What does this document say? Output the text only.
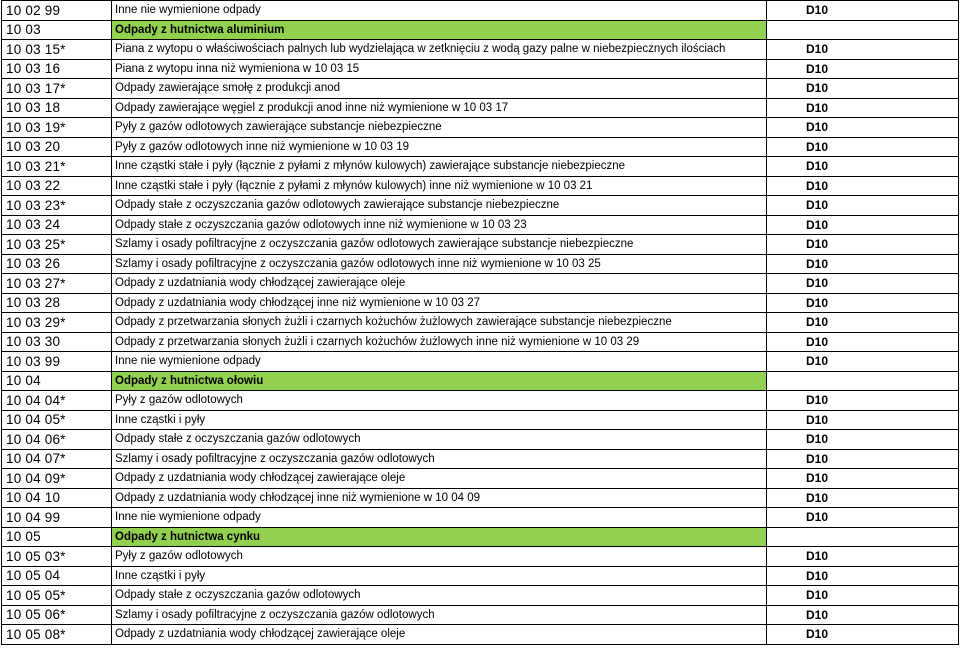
10 02 99	Inne nie wymienione odpady	D10
10 03	Odpady z hutnictwa aluminium	
10 03 15*	Piana z wytopu o właściwościach palnych lub wydzielająca w zetknięciu z wodą gazy palne w niebezpiecznych ilościach	D10
10 03 16	Piana z wytopu inna niż wymieniona w 10 03 15	D10
10 03 17*	Odpady zawierające smołę z produkcji anod	D10
10 03 18	Odpady zawierające węgiel z produkcji anod inne niż wymienione w 10 03 17	D10
10 03 19*	Pyły z gazów odlotowych zawierające substancje niebezpieczne	D10
10 03 20	Pyły z gazów odlotowych inne niż wymienione w 10 03 19	D10
10 03 21*	Inne cząstki stałe i pyły (łącznie z pyłami z młynów kulowych) zawierające substancje niebezpieczne	D10
10 03 22	Inne cząstki stałe i pyły (łącznie z pyłami z młynów kulowych) inne niż wymienione w 10 03 21	D10
10 03 23*	Odpady stałe z oczyszczania gazów odlotowych zawierające substancje niebezpieczne	D10
10 03 24	Odpady stałe z oczyszczania gazów odlotowych inne niż wymienione w 10 03 23	D10
10 03 25*	Szlamy i osady pofiltracyjne z oczyszczania gazów odlotowych zawierające substancje niebezpieczne	D10
10 03 26	Szlamy i osady pofiltracyjne z oczyszczania gazów odlotowych inne niż wymienione w 10 03 25	D10
10 03 27*	Odpady z uzdatniania wody chłodzącej zawierające oleje	D10
10 03 28	Odpady z uzdatniania wody chłodzącej inne niż wymienione w 10 03 27	D10
10 03 29*	Odpady z przetwarzania słonych żużli i czarnych kożuchów żużlowych zawierające substancje niebezpieczne	D10
10 03 30	Odpady z przetwarzania słonych żużli i czarnych kożuchów żużlowych inne niż wymienione w 10 03 29	D10
10 03 99	Inne nie wymienione odpady	D10
10 04	Odpady z hutnictwa ołowiu	
10 04 04*	Pyły z gazów odlotowych	D10
10 04 05*	Inne cząstki i pyły	D10
10 04 06*	Odpady stałe z oczyszczania gazów odlotowych	D10
10 04 07*	Szlamy i osady pofiltracyjne z oczyszczania gazów odlotowych	D10
10 04 09*	Odpady z uzdatniania wody chłodzącej zawierające oleje	D10
10 04 10	Odpady z uzdatniania wody chłodzącej inne niż wymienione w 10 04 09	D10
10 04 99	Inne nie wymienione odpady	D10
10 05	Odpady z hutnictwa cynku	
10 05 03*	Pyły z gazów odlotowych	D10
10 05 04	Inne cząstki i pyły	D10
10 05 05*	Odpady stałe z oczyszczania gazów odlotowych	D10
10 05 06*	Szlamy i osady pofiltracyjne z oczyszczania gazów odlotowych	D10
10 05 08*	Odpady z uzdatniania wody chłodzącej zawierające oleje	D10
